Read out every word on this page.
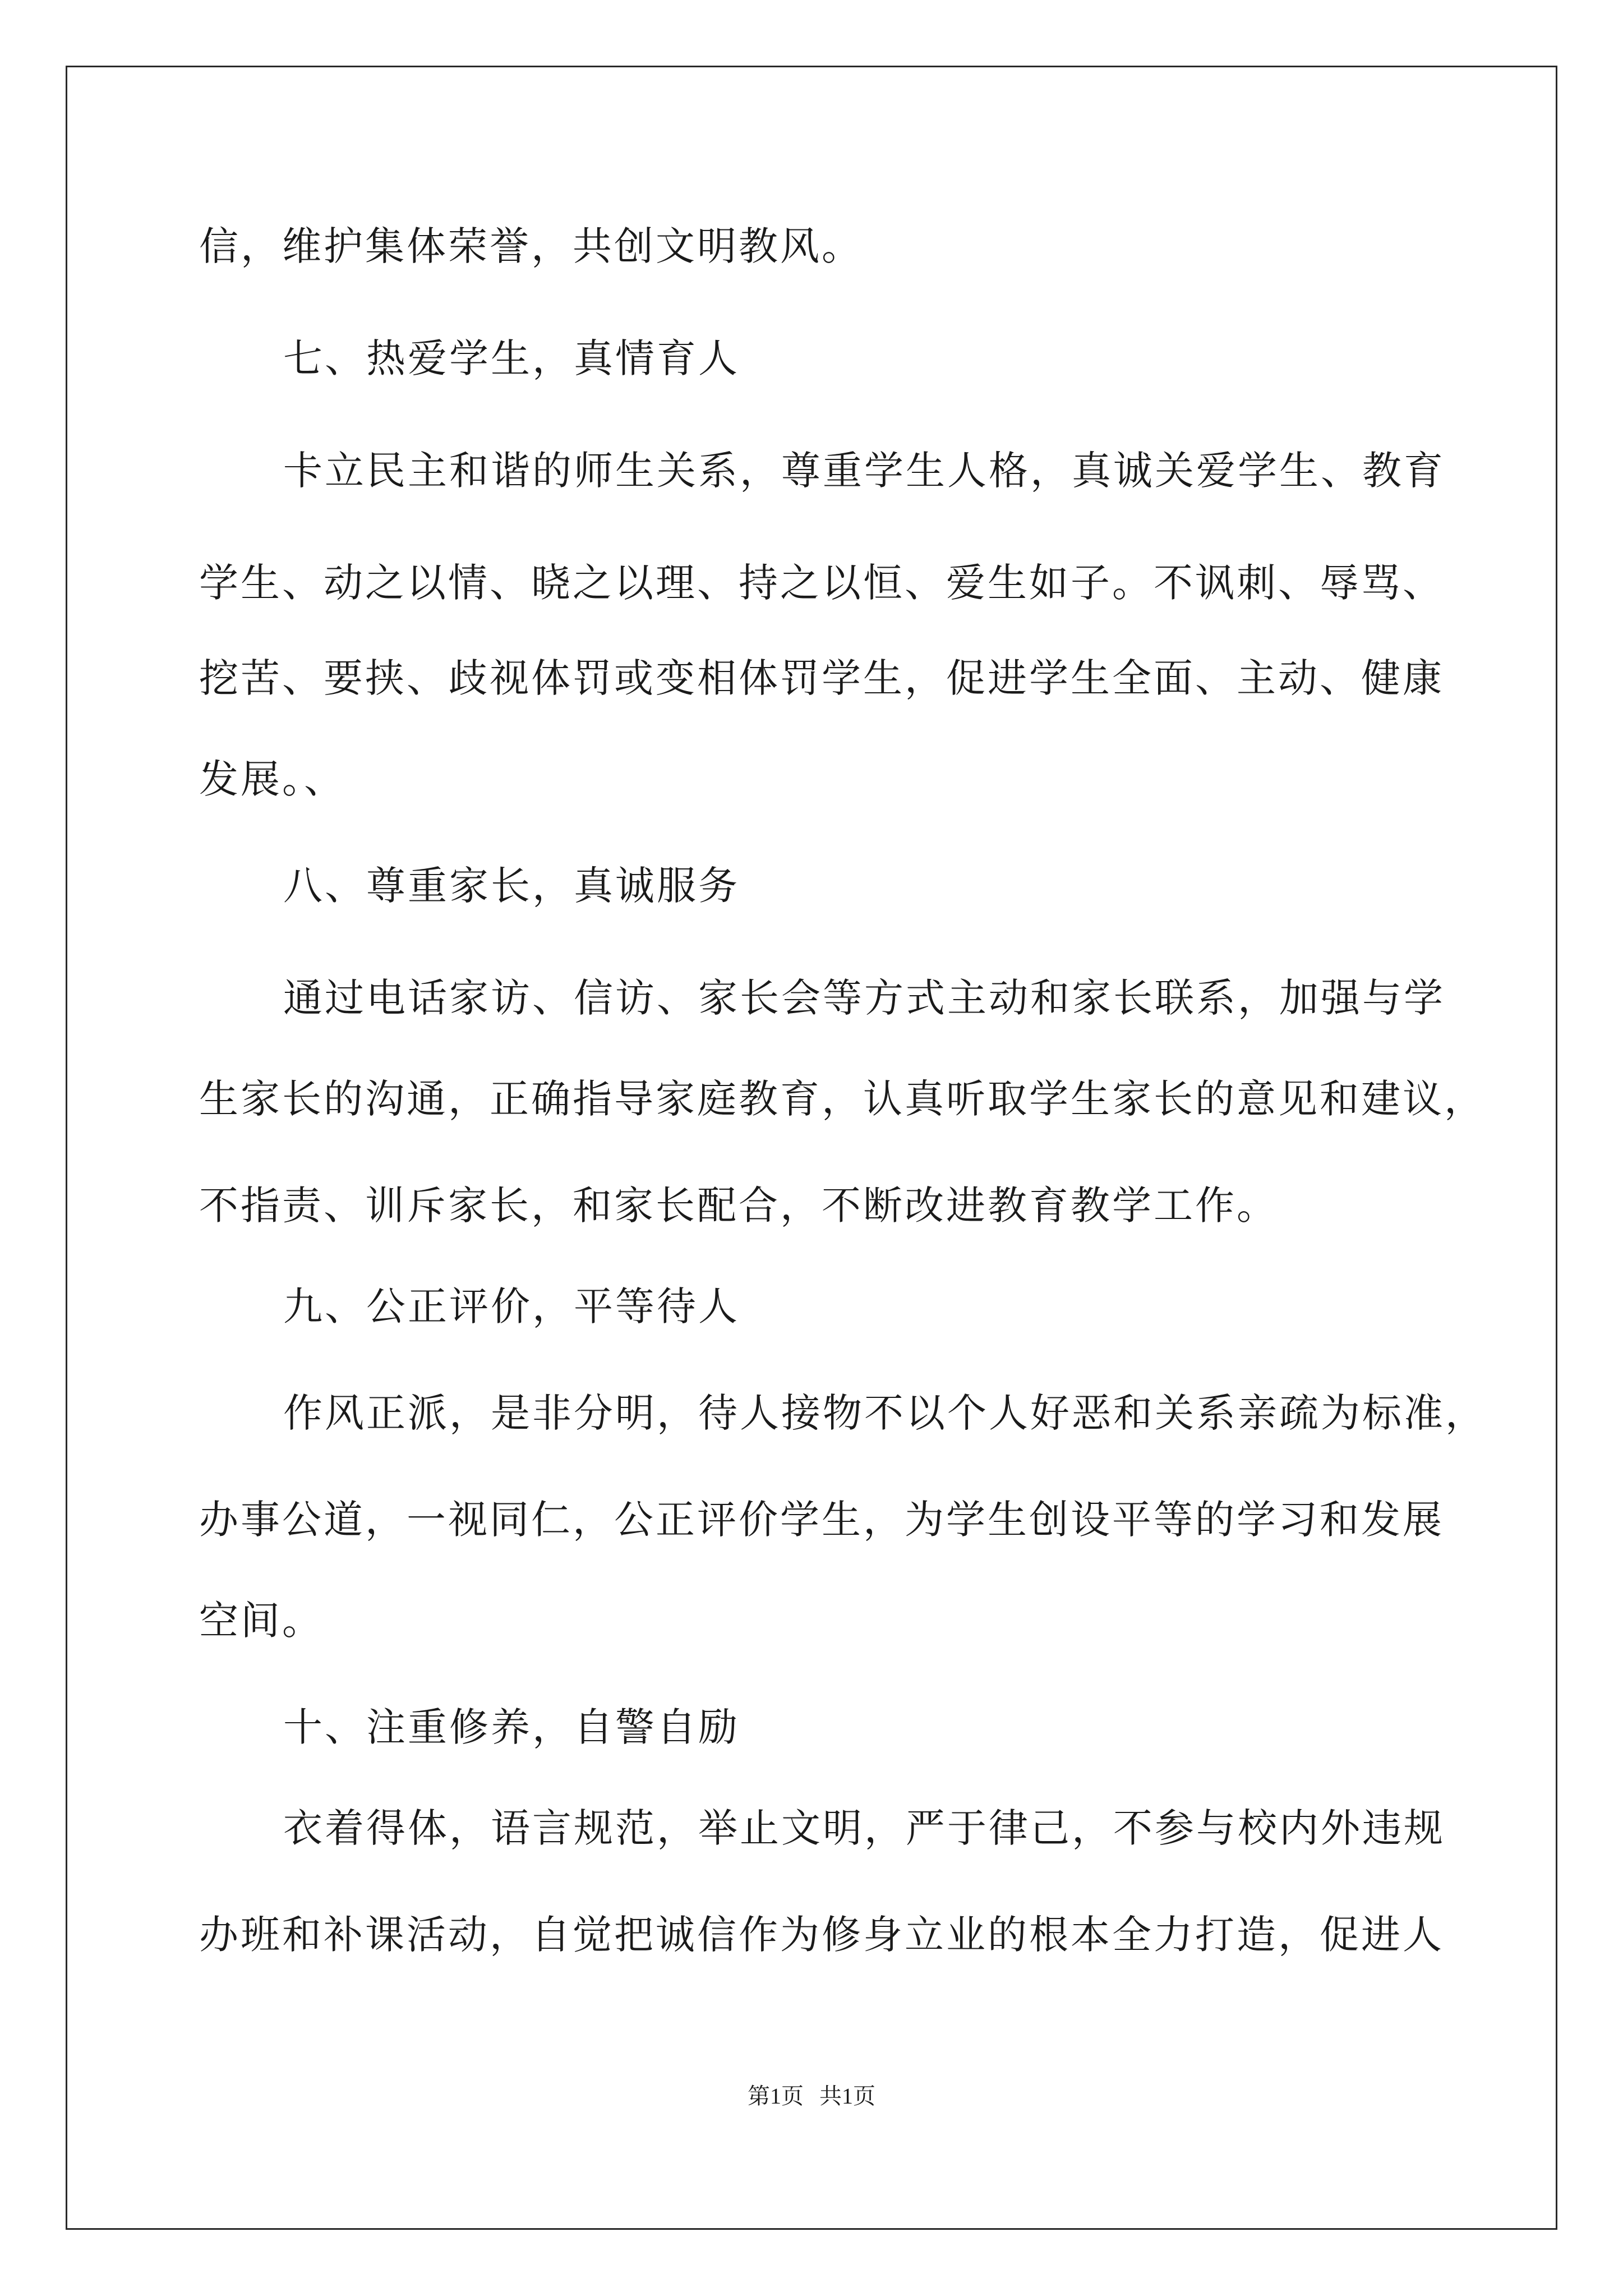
信，维护集体荣誉，共创文明教风。
七、热爱学生，真情育人
卡立民主和谐的师生关系，尊重学生人格，真诚关爱学生、教育
学生、动之以情、晓之以理、持之以恒、爱生如子。不讽刺、辱骂、
挖苦、要挟、歧视体罚或变相体罚学生，促进学生全面、主动、健康
发展。、
八、尊重家长，真诚服务
通过电话家访、信访、家长会等方式主动和家长联系，加强与学
生家长的沟通，正确指导家庭教育，认真听取学生家长的意见和建议，
不指责、训斥家长，和家长配合，不断改进教育教学工作。
九、公正评价，平等待人
作风正派，是非分明，待人接物不以个人好恶和关系亲疏为标准，
办事公道，一视同仁，公正评价学生，为学生创设平等的学习和发展
空间。
十、注重修养，自警自励
衣着得体，语言规范，举止文明，严于律己，不参与校内外违规
办班和补课活动，自觉把诚信作为修身立业的根本全力打造，促进人
第1页 共1页
